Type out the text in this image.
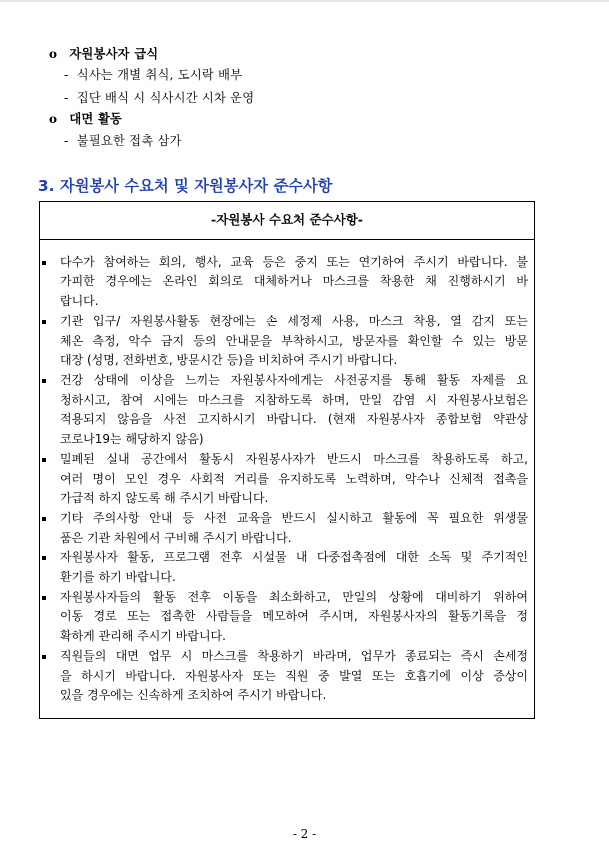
o 자원봉사자 급식
- 식사는 개별 취식, 도시락 배부
- 집단 배식 시 식사시간 시차 운영
o 대면 활동
- 불필요한 접촉 삼가
3. 자원봉사 수요처 및 자원봉사자 준수사항
-자원봉사 수요처 준수사항-
다수가 참여하는 회의, 행사, 교육 등은 중지 또는 연기하여 주시기 바랍니다. 불
가피한 경우에는 온라인 회의로 대체하거나 마스크를 착용한 채 진행하시기 바
랍니다.
기관 입구/ 자원봉사활동 현장에는 손 세정제 사용, 마스크 착용, 열 감지 또는
체온 측정, 악수 금지 등의 안내문을 부착하시고, 방문자를 확인할 수 있는 방문
대장 (성명, 전화번호, 방문시간 등)을 비치하여 주시기 바랍니다.
건강 상태에 이상을 느끼는 자원봉사자에게는 사전공지를 통해 활동 자제를 요
청하시고, 참여 시에는 마스크를 지참하도록 하며, 만일 감염 시 자원봉사보험은
적용되지 않음을 사전 고지하시기 바랍니다. (현재 자원봉사자 종합보험 약관상
코로나19는 해당하지 않음)
밀폐된 실내 공간에서 활동시 자원봉사자가 반드시 마스크를 착용하도록 하고,
여러 명이 모인 경우 사회적 거리를 유지하도록 노력하며, 악수나 신체적 접촉을
가급적 하지 않도록 해 주시기 바랍니다.
기타 주의사항 안내 등 사전 교육을 반드시 실시하고 활동에 꼭 필요한 위생물
품은 기관 차원에서 구비해 주시기 바랍니다.
자원봉사자 활동, 프로그램 전후 시설물 내 다중접촉점에 대한 소독 및 주기적인
환기를 하기 바랍니다.
자원봉사자들의 활동 전후 이동을 최소화하고, 만일의 상황에 대비하기 위하여
이동 경로 또는 접촉한 사람들을 메모하여 주시며, 자원봉사자의 활동기록을 정
확하게 관리해 주시기 바랍니다.
직원들의 대면 업무 시 마스크를 착용하기 바라며, 업무가 종료되는 즉시 손세정
을 하시기 바랍니다. 자원봉사자 또는 직원 중 발열 또는 호흡기에 이상 증상이
있을 경우에는 신속하게 조치하여 주시기 바랍니다.
- 2 -
